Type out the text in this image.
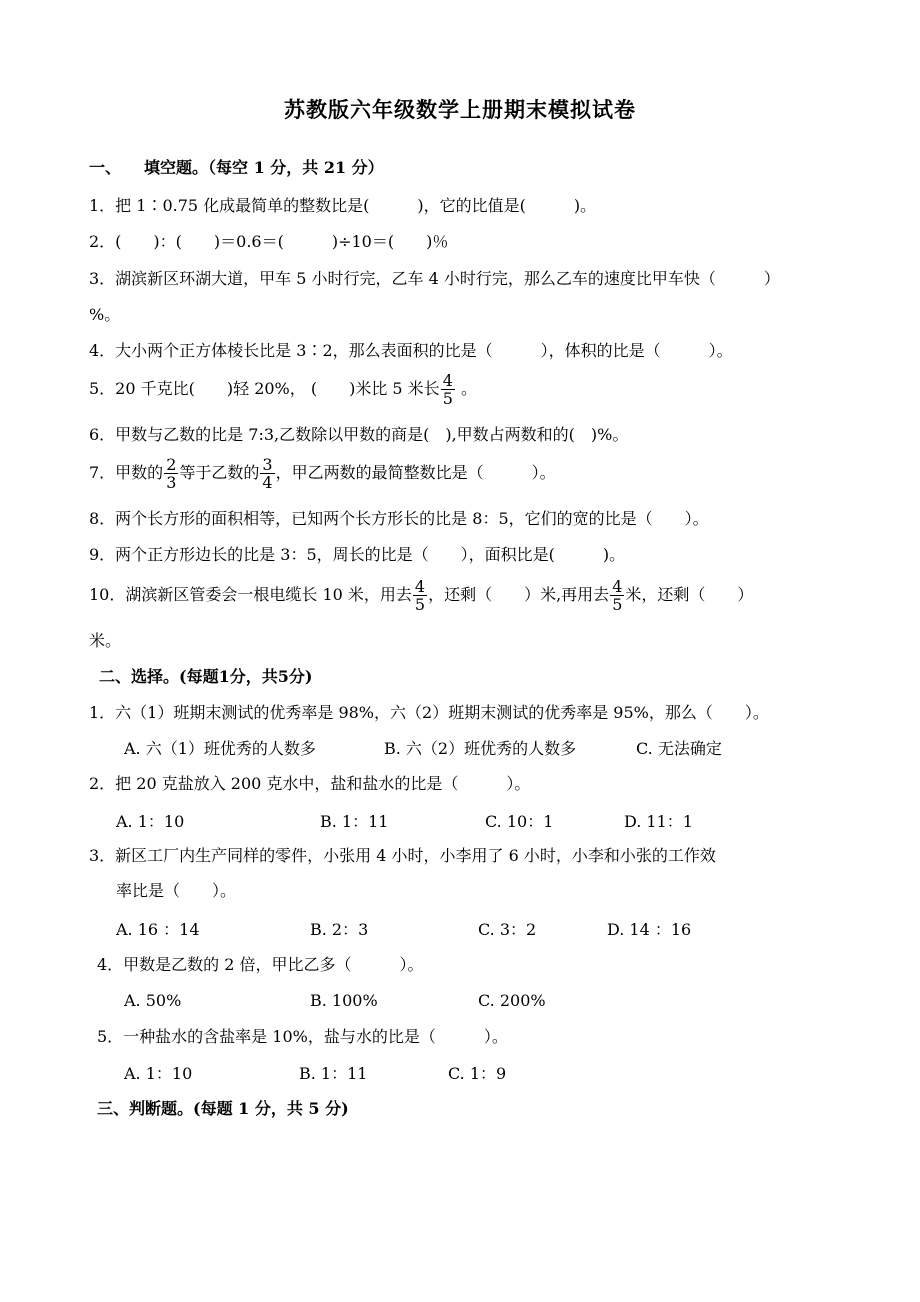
苏教版六年级数学上册期末模拟试卷
一、 填空题。（每空 1 分，共 21 分）
1．把 1∶0.75 化成最简单的整数比是(　　　)，它的比值是(　　　)。
2．(　　)：(　　)＝0.6＝(　　　)÷10＝(　　)％
3．湖滨新区环湖大道，甲车 5 小时行完，乙车 4 小时行完，那么乙车的速度比甲车快（　　　）
%。
4．大小两个正方体棱长比是 3∶2，那么表面积的比是（　　　），体积的比是（　　　）。
5．20 千克比(　　)轻 20%， (　　)米比 5 米长 $\frac{4}{5}$ 。
6．甲数与乙数的比是 7:3,乙数除以甲数的商是(　),甲数占两数和的(　)%。
7．甲数的 $\frac{2}{3}$ 等于乙数的 $\frac{3}{4}$ ，甲乙两数的最简整数比是（　　　）。
8．两个长方形的面积相等，已知两个长方形长的比是 8：5，它们的宽的比是（　　）。
9．两个正方形边长的比是 3：5，周长的比是（　　），面积比是(　　　)。
10．湖滨新区管委会一根电缆长 10 米，用去 $\frac{4}{5}$ ，还剩（　　）米,再用去 $\frac{4}{5}$ 米，还剩（　　）
米。
二、选择。(每题1分，共5分)
1．六（1）班期末测试的优秀率是 98%，六（2）班期末测试的优秀率是 95%，那么（　　）。
A. 六（1）班优秀的人数多	B. 六（2）班优秀的人数多	C. 无法确定
2．把 20 克盐放入 200 克水中，盐和盐水的比是（　　　）。
A. 1：10	B. 1：11	C. 10：1	D. 11：1
3．新区工厂内生产同样的零件，小张用 4 小时，小李用了 6 小时，小李和小张的工作效
率比是（　　）。
A. 16 ：14	B. 2：3	C. 3：2	D. 14 ：16
4．甲数是乙数的 2 倍，甲比乙多（　　　）。
A. 50%	B. 100%	C. 200%
5．一种盐水的含盐率是 10%，盐与水的比是（　　　）。
A. 1：10	B. 1：11	C. 1：9
三、判断题。(每题 1 分，共 5 分)
